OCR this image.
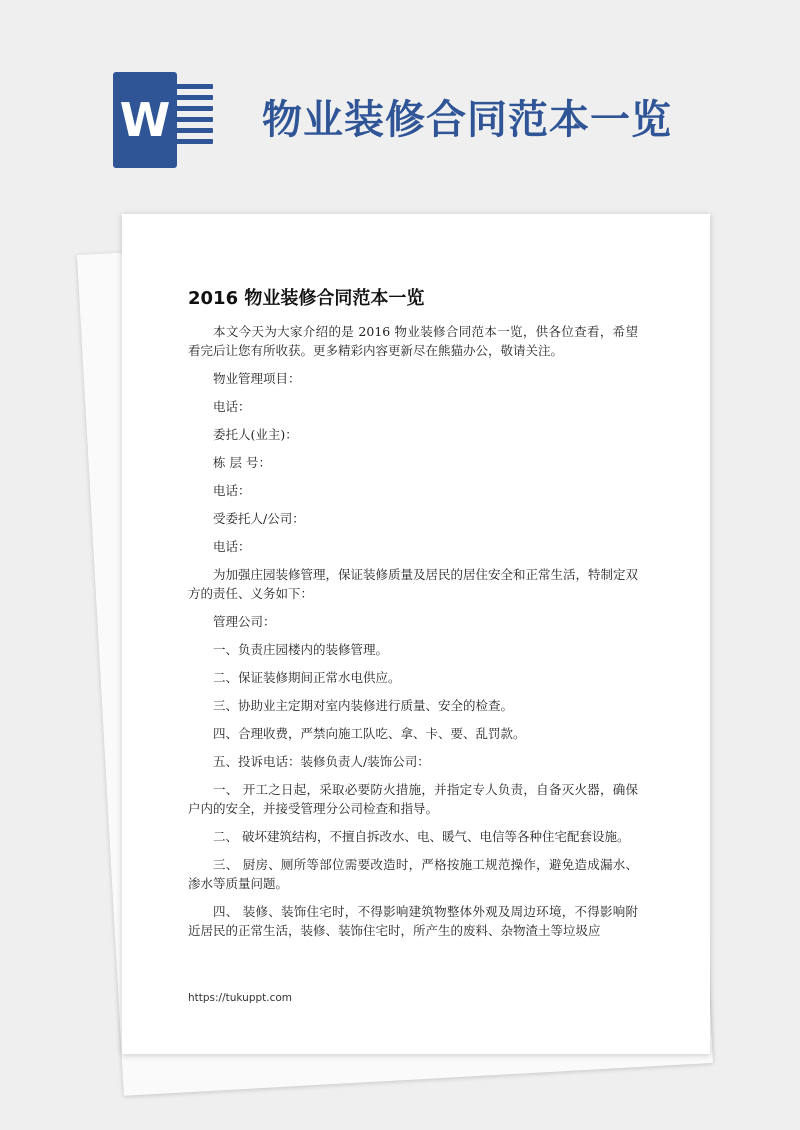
W 物业装修合同范本一览
2016 物业装修合同范本一览

本文今天为大家介绍的是 2016 物业装修合同范本一览，供各位查看，希望看完后让您有所收获。更多精彩内容更新尽在熊猫办公，敬请关注。

物业管理项目：

电话：

委托人(业主)：

栋 层 号：

电话：

受委托人/公司：

电话：

为加强庄园装修管理，保证装修质量及居民的居住安全和正常生活，特制定双方的责任、义务如下：

管理公司：

一、负责庄园楼内的装修管理。

二、保证装修期间正常水电供应。

三、协助业主定期对室内装修进行质量、安全的检查。

四、合理收费，严禁向施工队吃、拿、卡、要、乱罚款。

五、投诉电话：装修负责人/装饰公司：

一、 开工之日起，采取必要防火措施，并指定专人负责，自备灭火器，确保户内的安全，并接受管理分公司检查和指导。

二、 破坏建筑结构，不擅自拆改水、电、暖气、电信等各种住宅配套设施。

三、 厨房、厕所等部位需要改造时，严格按施工规范操作，避免造成漏水、渗水等质量问题。

四、 装修、装饰住宅时，不得影响建筑物整体外观及周边环境，不得影响附近居民的正常生活，装修、装饰住宅时，所产生的废料、杂物渣土等垃圾应

https://tukuppt.com
